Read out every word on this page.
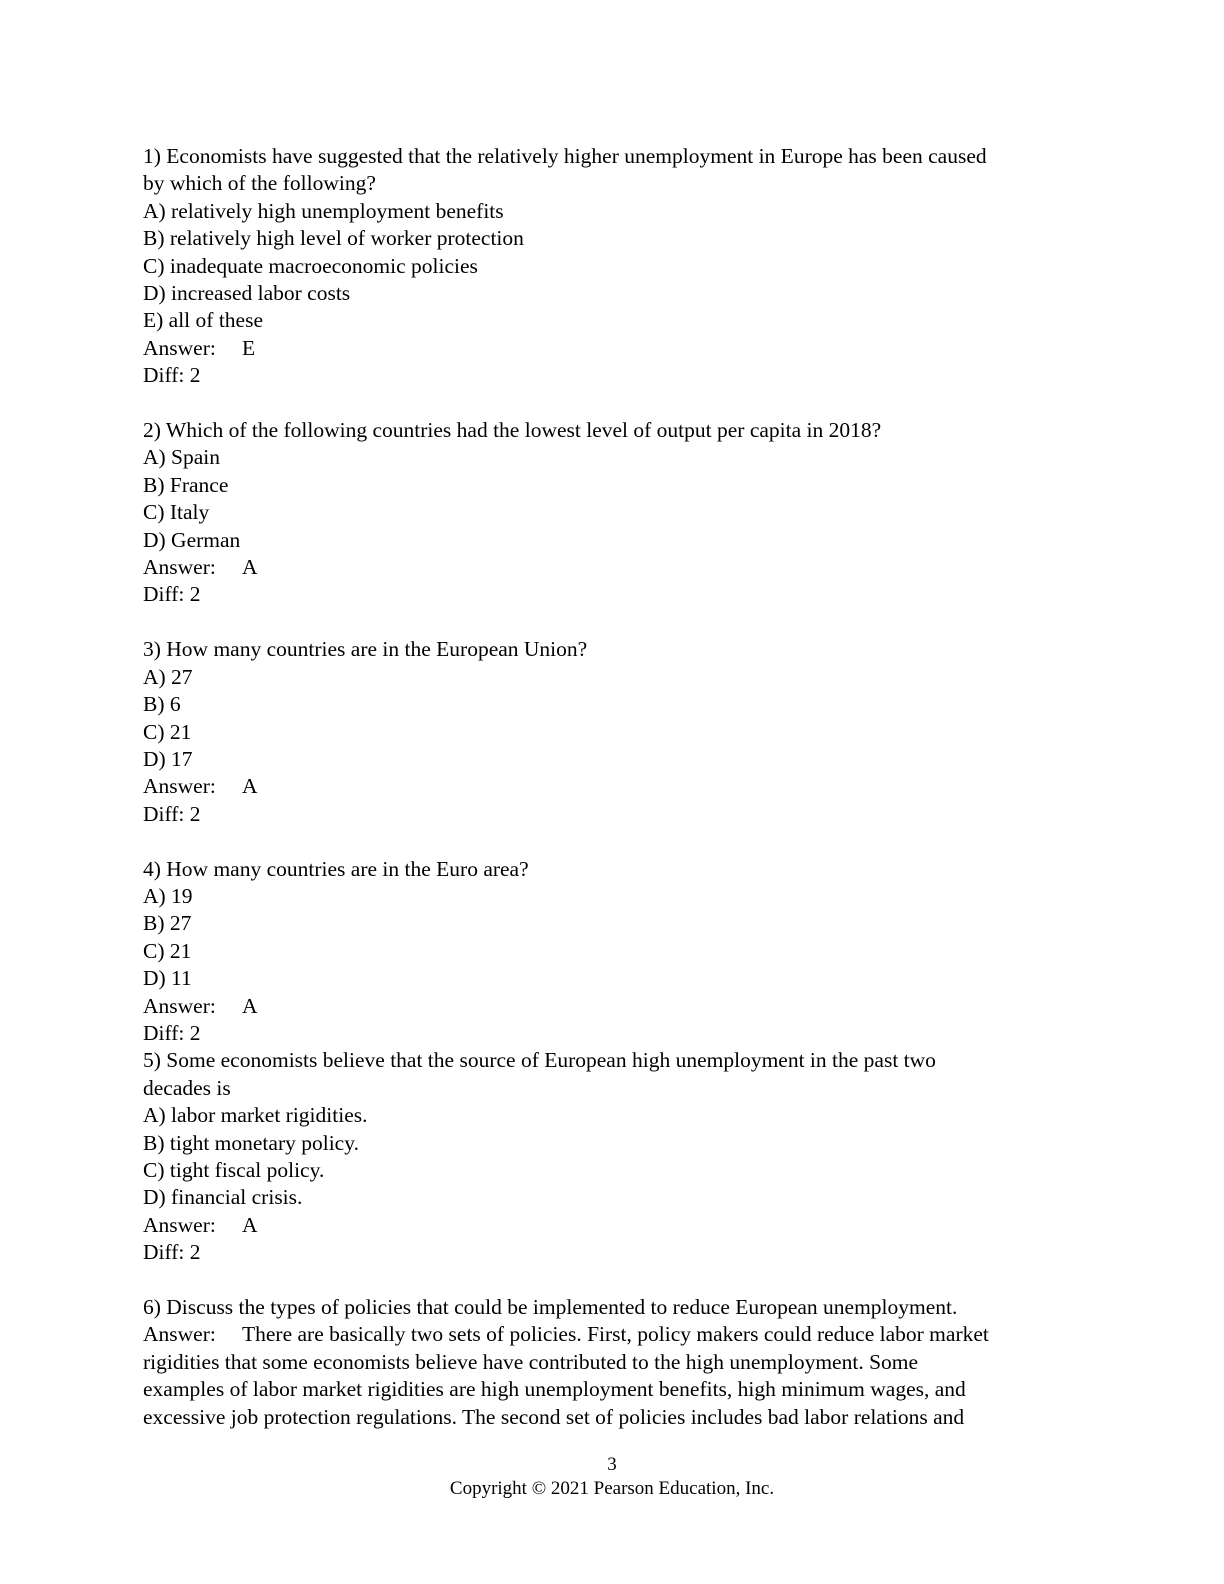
1) Economists have suggested that the relatively higher unemployment in Europe has been caused
by which of the following?
A) relatively high unemployment benefits
B) relatively high level of worker protection
C) inadequate macroeconomic policies
D) increased labor costs
E) all of these
Answer: E
Diff: 2
2) Which of the following countries had the lowest level of output per capita in 2018?
A) Spain
B) France
C) Italy
D) German
Answer: A
Diff: 2
3) How many countries are in the European Union?
A) 27
B) 6
C) 21
D) 17
Answer: A
Diff: 2
4) How many countries are in the Euro area?
A) 19
B) 27
C) 21
D) 11
Answer: A
Diff: 2
5) Some economists believe that the source of European high unemployment in the past two
decades is
A) labor market rigidities.
B) tight monetary policy.
C) tight fiscal policy.
D) financial crisis.
Answer: A
Diff: 2
6) Discuss the types of policies that could be implemented to reduce European unemployment.
Answer: There are basically two sets of policies. First, policy makers could reduce labor market
rigidities that some economists believe have contributed to the high unemployment. Some
examples of labor market rigidities are high unemployment benefits, high minimum wages, and
excessive job protection regulations. The second set of policies includes bad labor relations and
3
Copyright © 2021 Pearson Education, Inc.
